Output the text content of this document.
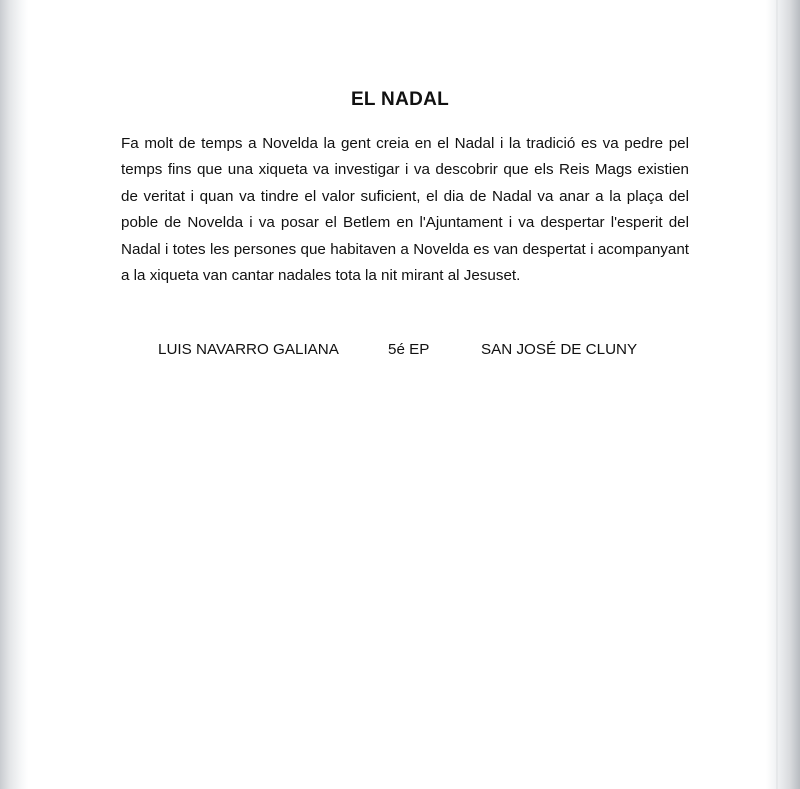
EL NADAL

Fa molt de temps a Novelda la gent creia en el Nadal i la tradició es va pedre pel temps fins que una xiqueta va investigar i va descobrir que els Reis Mags existien de veritat i quan va tindre el valor suficient, el dia de Nadal va anar a la plaça del poble de Novelda i va posar el Betlem en l'Ajuntament i va despertar l'esperit del Nadal i totes les persones que habitaven a Novelda es van despertat i acompanyant a la xiqueta van cantar nadales tota la nit mirant al Jesuset.

LUIS NAVARRO GALIANA	5é EP	SAN JOSÉ DE CLUNY
